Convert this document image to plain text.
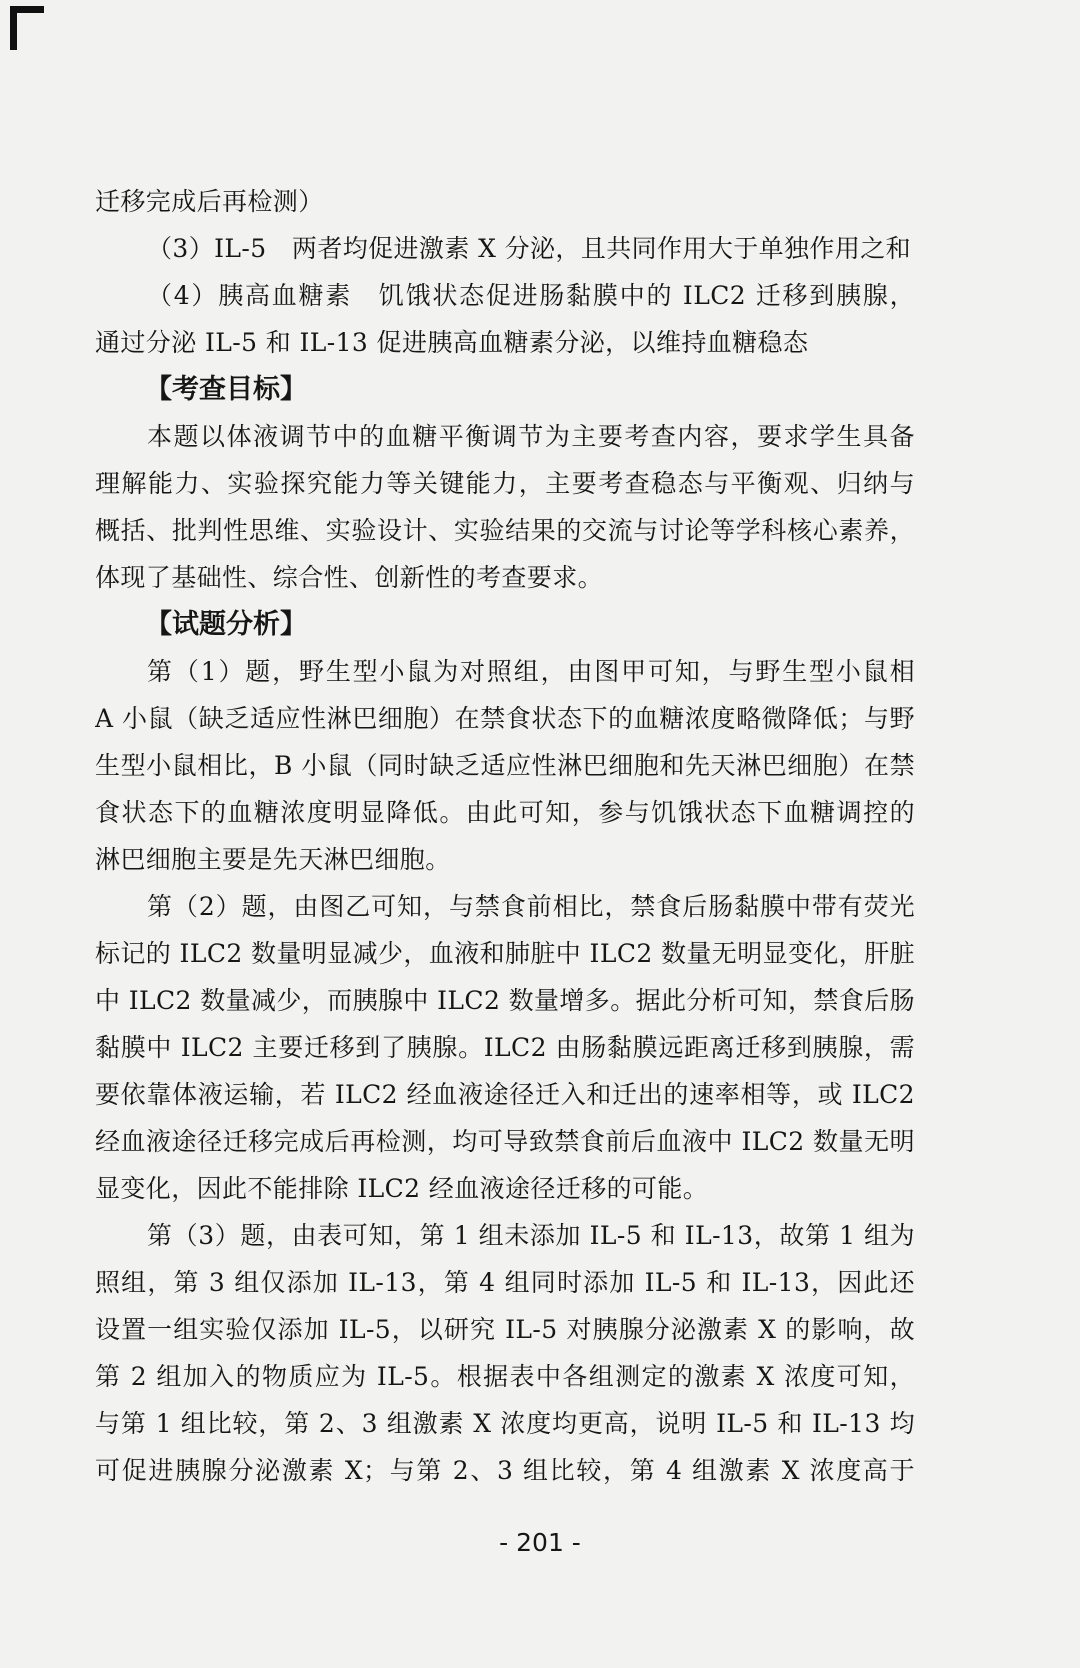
迁移完成后再检测）
（3）IL-5　两者均促进激素 X 分泌，且共同作用大于单独作用之和
（4）胰高血糖素　饥饿状态促进肠黏膜中的 ILC2 迁移到胰腺，
通过分泌 IL-5 和 IL-13 促进胰高血糖素分泌，以维持血糖稳态
【考查目标】
本题以体液调节中的血糖平衡调节为主要考查内容，要求学生具备
理解能力、实验探究能力等关键能力，主要考查稳态与平衡观、归纳与
概括、批判性思维、实验设计、实验结果的交流与讨论等学科核心素养，
体现了基础性、综合性、创新性的考查要求。
【试题分析】
第（1）题，野生型小鼠为对照组，由图甲可知，与野生型小鼠相
A 小鼠（缺乏适应性淋巴细胞）在禁食状态下的血糖浓度略微降低；与野
生型小鼠相比，B 小鼠（同时缺乏适应性淋巴细胞和先天淋巴细胞）在禁
食状态下的血糖浓度明显降低。由此可知，参与饥饿状态下血糖调控的
淋巴细胞主要是先天淋巴细胞。
第（2）题，由图乙可知，与禁食前相比，禁食后肠黏膜中带有荧光
标记的 ILC2 数量明显减少，血液和肺脏中 ILC2 数量无明显变化，肝脏
中 ILC2 数量减少，而胰腺中 ILC2 数量增多。据此分析可知，禁食后肠
黏膜中 ILC2 主要迁移到了胰腺。ILC2 由肠黏膜远距离迁移到胰腺，需
要依靠体液运输，若 ILC2 经血液途径迁入和迁出的速率相等，或 ILC2
经血液途径迁移完成后再检测，均可导致禁食前后血液中 ILC2 数量无明
显变化，因此不能排除 ILC2 经血液途径迁移的可能。
第（3）题，由表可知，第 1 组未添加 IL-5 和 IL-13，故第 1 组为
照组，第 3 组仅添加 IL-13，第 4 组同时添加 IL-5 和 IL-13，因此还
设置一组实验仅添加 IL-5，以研究 IL-5 对胰腺分泌激素 X 的影响，故
第 2 组加入的物质应为 IL-5。根据表中各组测定的激素 X 浓度可知，
与第 1 组比较，第 2、3 组激素 X 浓度均更高，说明 IL-5 和 IL-13 均
可促进胰腺分泌激素 X；与第 2、3 组比较，第 4 组激素 X 浓度高于
- 201 -
